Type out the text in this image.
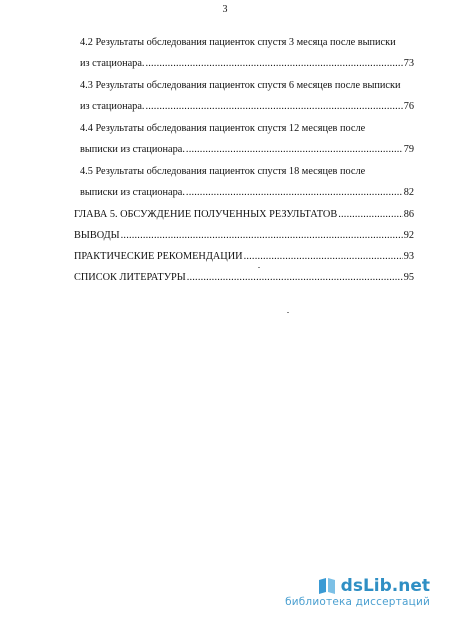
3
4.2 Результаты обследования пациенток спустя 3 месяца после выписки
из стационара. .....	73
4.3 Результаты обследования пациенток спустя 6 месяцев после выписки
из стационара. .....	76
4.4 Результаты обследования пациенток спустя 12 месяцев после
выписки из стационара. .....	79
4.5 Результаты обследования пациенток спустя 18 месяцев после
выписки из стационара. .....	82
ГЛАВА 5. ОБСУЖДЕНИЕ ПОЛУЧЕННЫХ РЕЗУЛЬТАТОВ .....	86
ВЫВОДЫ .....	92
ПРАКТИЧЕСКИЕ РЕКОМЕНДАЦИИ .....	93
СПИСОК ЛИТЕРАТУРЫ .....	95
dsLib.net
библиотека диссертаций
